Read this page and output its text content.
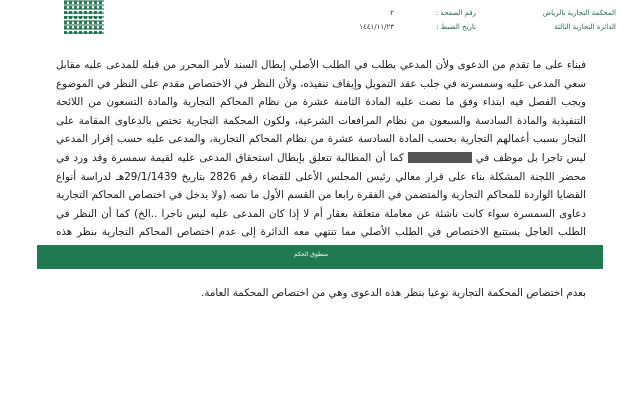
٢
١٤٤١/١١/٢٣
رقم الصفحة :
تاريخ الضبط :
المحكمة التجارية بالرياض
الدائرة التجارية الثالثة

فبناء على ما تقدم من الدعوى ولأن المدعي يطلب في الطلب الأصلي إبطال السند لأمر المحرر من قبله للمدعى عليه مقابل سعي المدعى عليه وسمسرته في جلب عقد التمويل وإيقاف تنفيذه، ولأن النظر في الاختصاص مقدم على النظر في الموضوع ويجب الفصل فيه ابتداء وفق ما نصت عليه المادة الثامنة عشرة من نظام المحاكم التجارية والمادة التسعون من اللائحة التنفيذية والمادة السادسة والسبعون من نظام المرافعات الشرعية، ولكون المحكمة التجارية تختص بالدعاوى المقامة على التجار بسبب أعمالهم التجارية بحسب المادة السادسة عشرة من نظام المحاكم التجارية، والمدعى عليه حسب إقرار المدعي ليس تاجرا بل موظف في  كما أن المطالبة تتعلق بإبطال استحقاق المدعى عليه لقيمة سمسرة وقد ورد في محضر اللجنة المشكلة بناء على قرار معالي رئيس المجلس الأعلى للقضاء رقم 2826 بتاريخ 29/1/1439هـ لدراسة أنواع القضايا الواردة للمحاكم التجارية والمتضمن في الفقرة رابعا من القسم الأول ما نصه (ولا يدخل في اختصاص المحاكم التجارية دعاوى السمسرة سواء كانت ناشئة عن معاملة متعلقة بعقار أم لا إذا كان المدعى عليه ليس تاجرا ..الخ) كما أن النظر في الطلب العاجل يستتبع الاختصاص في الطلب الأصلي مما تنتهي معه الدائرة إلى عدم اختصاص المحاكم التجارية بنظر هذه

منطوق الحكم
بعدم اختصاص المحكمة التجارية نوعيا بنظر هذه الدعوى وهي من اختصاص المحكمة العامة.
